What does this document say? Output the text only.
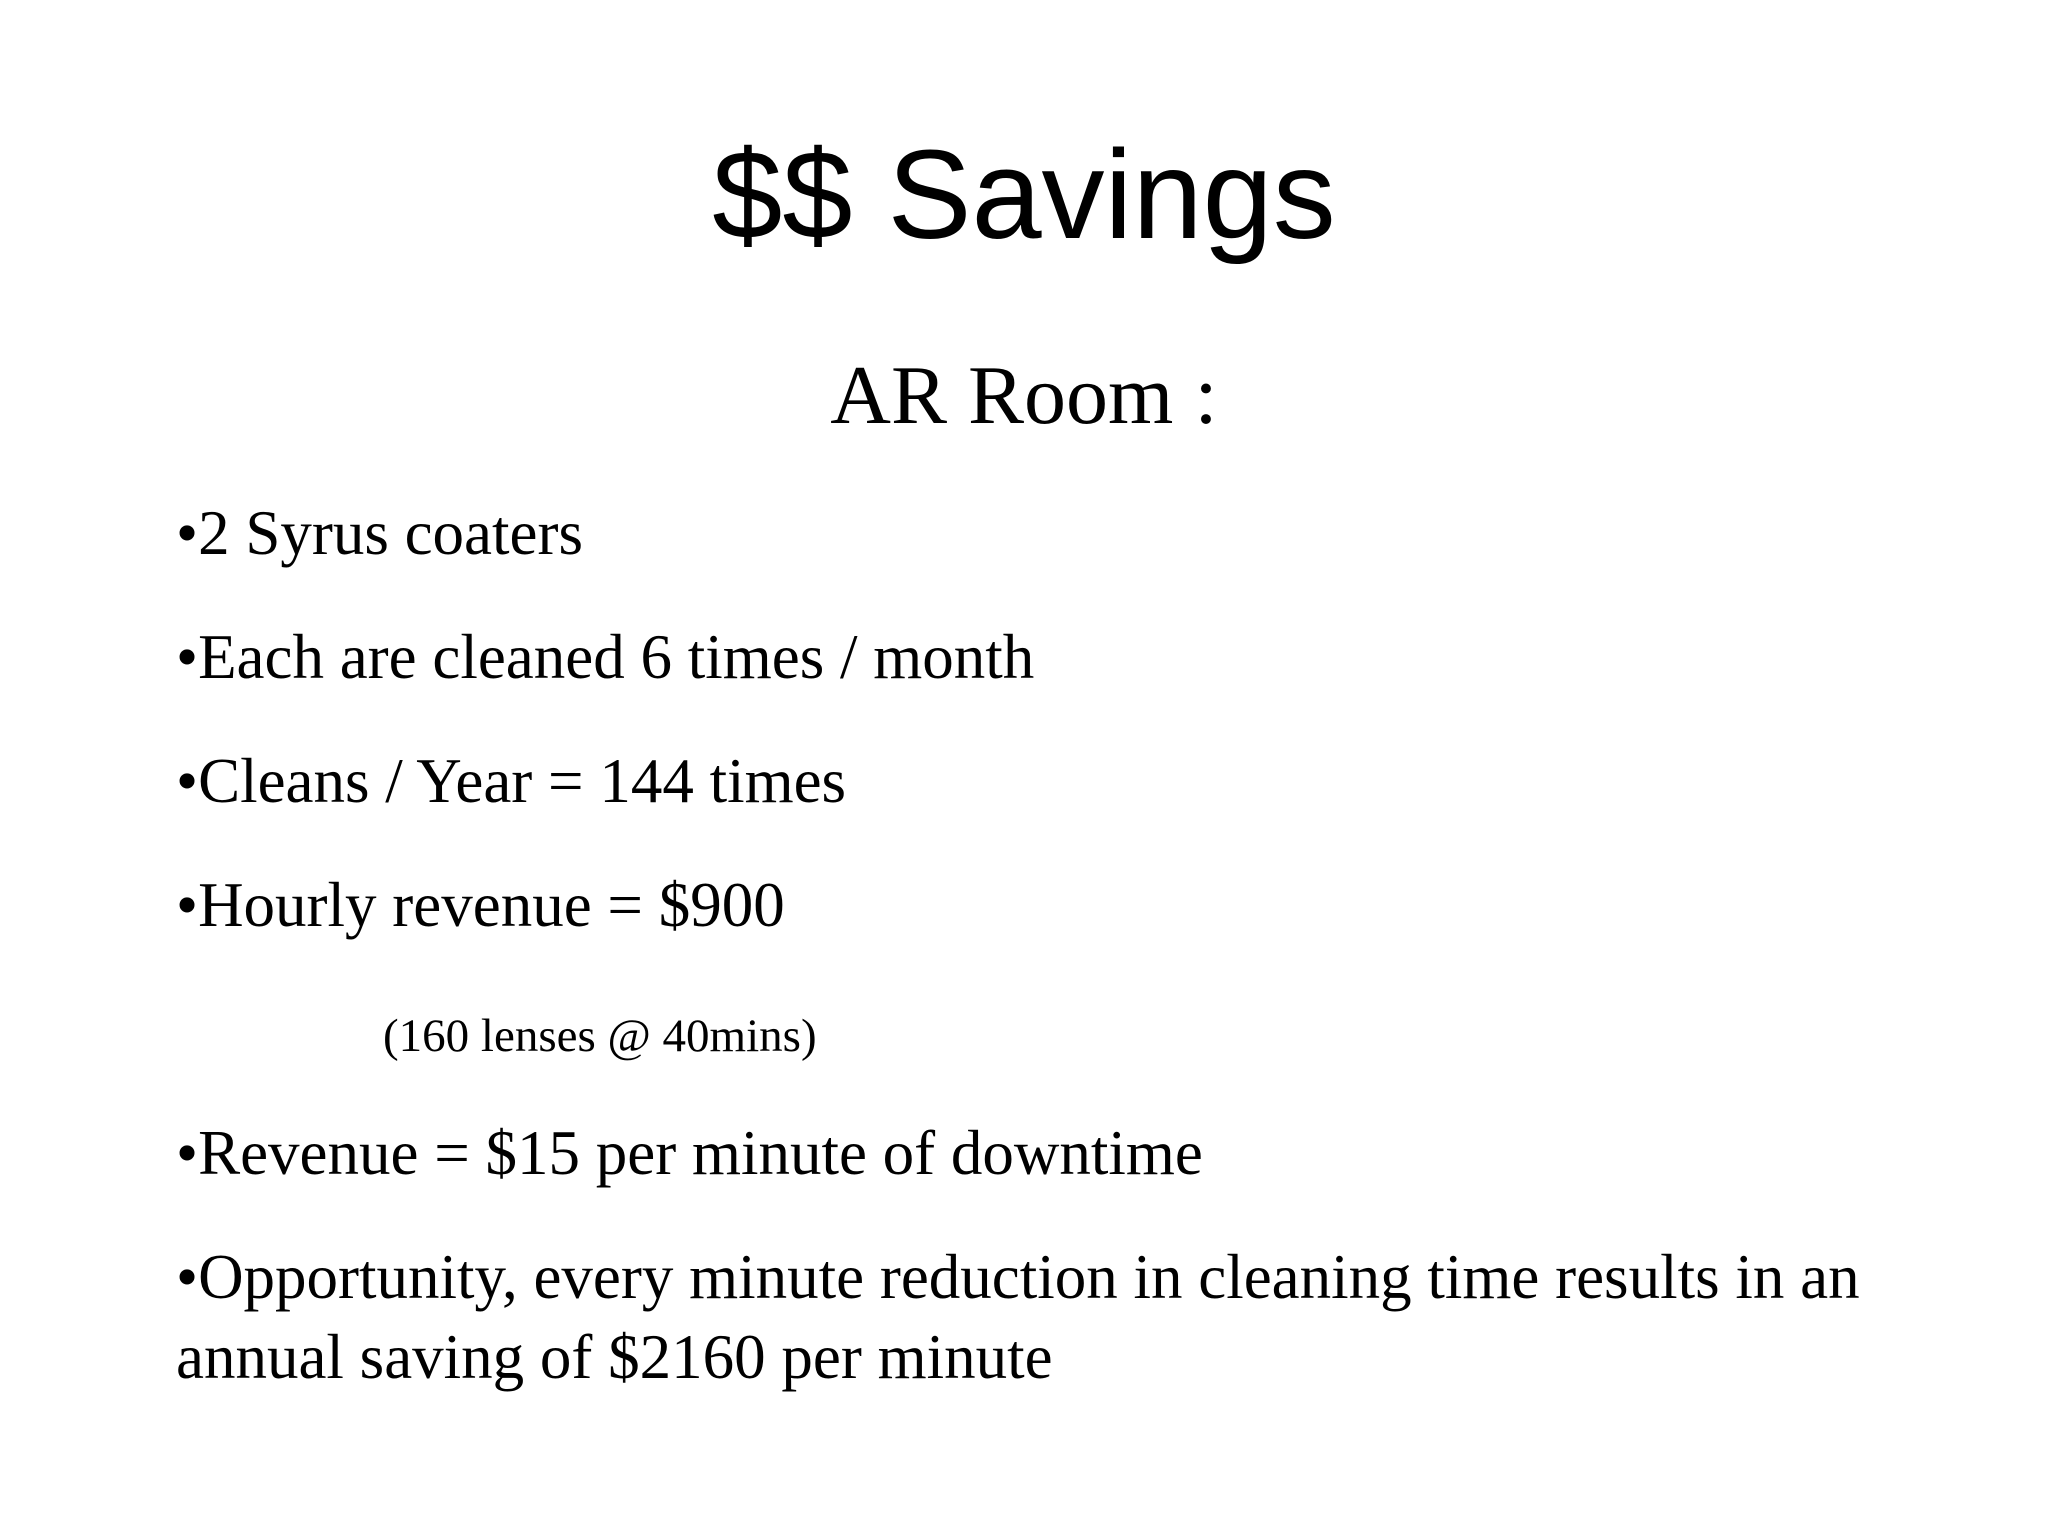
$$ Savings
AR Room :
•2 Syrus coaters
•Each are cleaned 6 times / month
•Cleans / Year = 144 times
•Hourly revenue = $900
•Revenue = $15 per minute of downtime
•Opportunity, every minute reduction in cleaning time results in an annual saving of $2160 per minute
(160 lenses @ 40mins)
